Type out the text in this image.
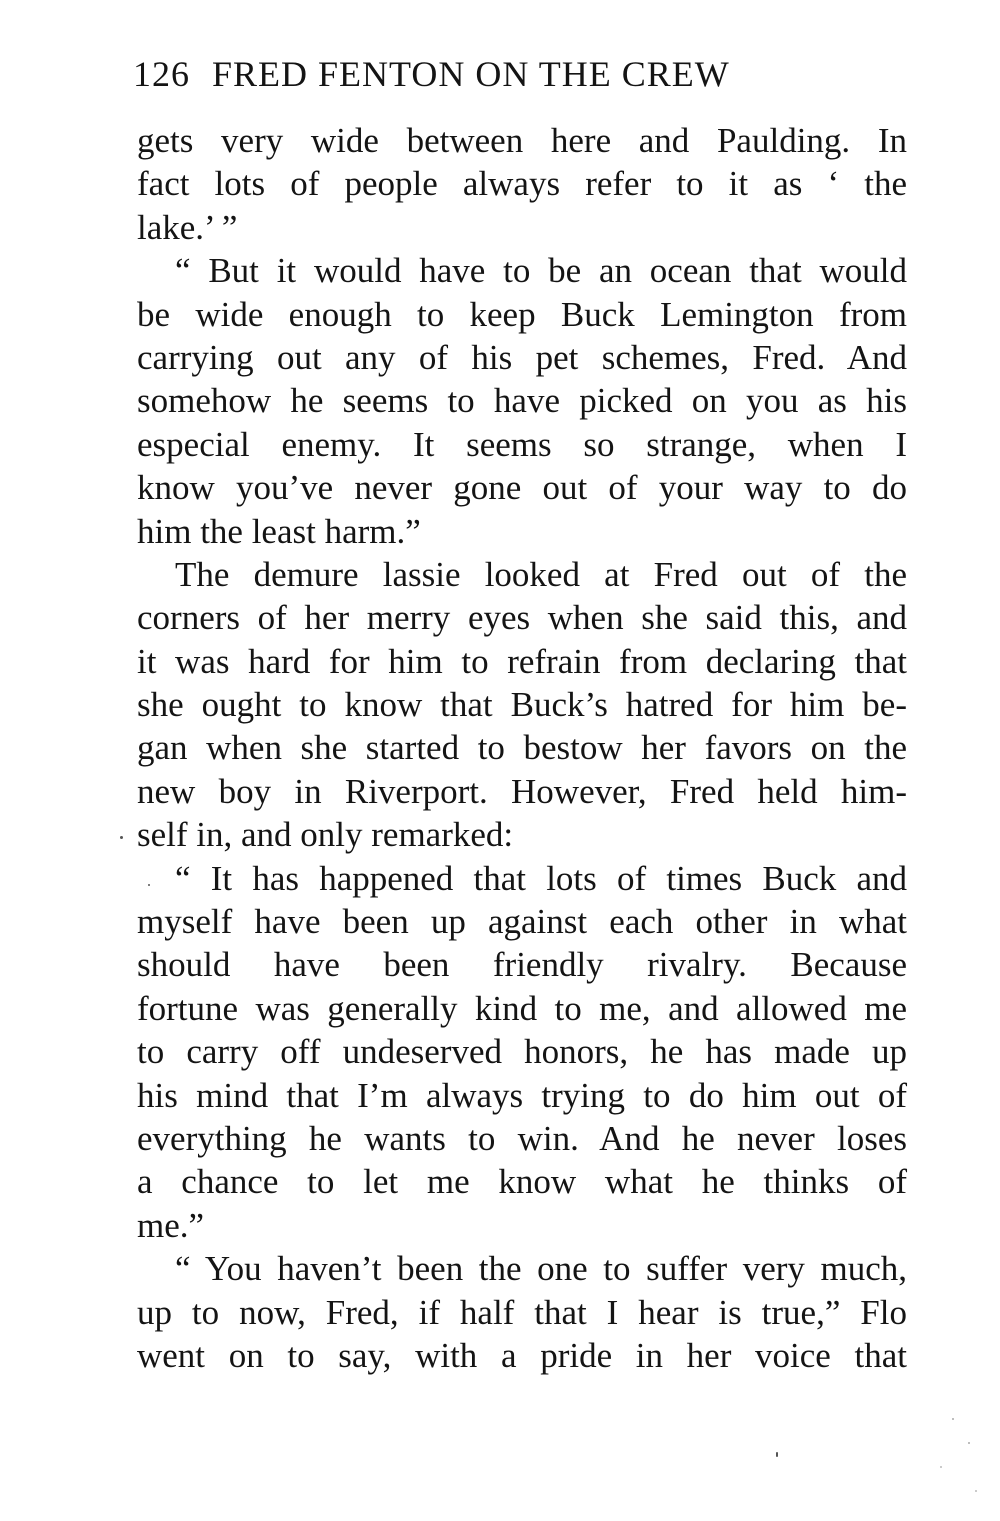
126 FRED FENTON ON THE CREW
gets very wide between here and Paulding. In
fact lots of people always refer to it as ‘ the
lake.’ ”
“ But it would have to be an ocean that would
be wide enough to keep Buck Lemington from
carrying out any of his pet schemes, Fred. And
somehow he seems to have picked on you as his
especial enemy. It seems so strange, when I
know you’ve never gone out of your way to do
him the least harm.”
The demure lassie looked at Fred out of the
corners of her merry eyes when she said this, and
it was hard for him to refrain from declaring that
she ought to know that Buck’s hatred for him be-
gan when she started to bestow her favors on the
new boy in Riverport. However, Fred held him-
self in, and only remarked:
“ It has happened that lots of times Buck and
myself have been up against each other in what
should have been friendly rivalry. Because
fortune was generally kind to me, and allowed me
to carry off undeserved honors, he has made up
his mind that I’m always trying to do him out of
everything he wants to win. And he never loses
a chance to let me know what he thinks of
me.”
“ You haven’t been the one to suffer very much,
up to now, Fred, if half that I hear is true,” Flo
went on to say, with a pride in her voice that
